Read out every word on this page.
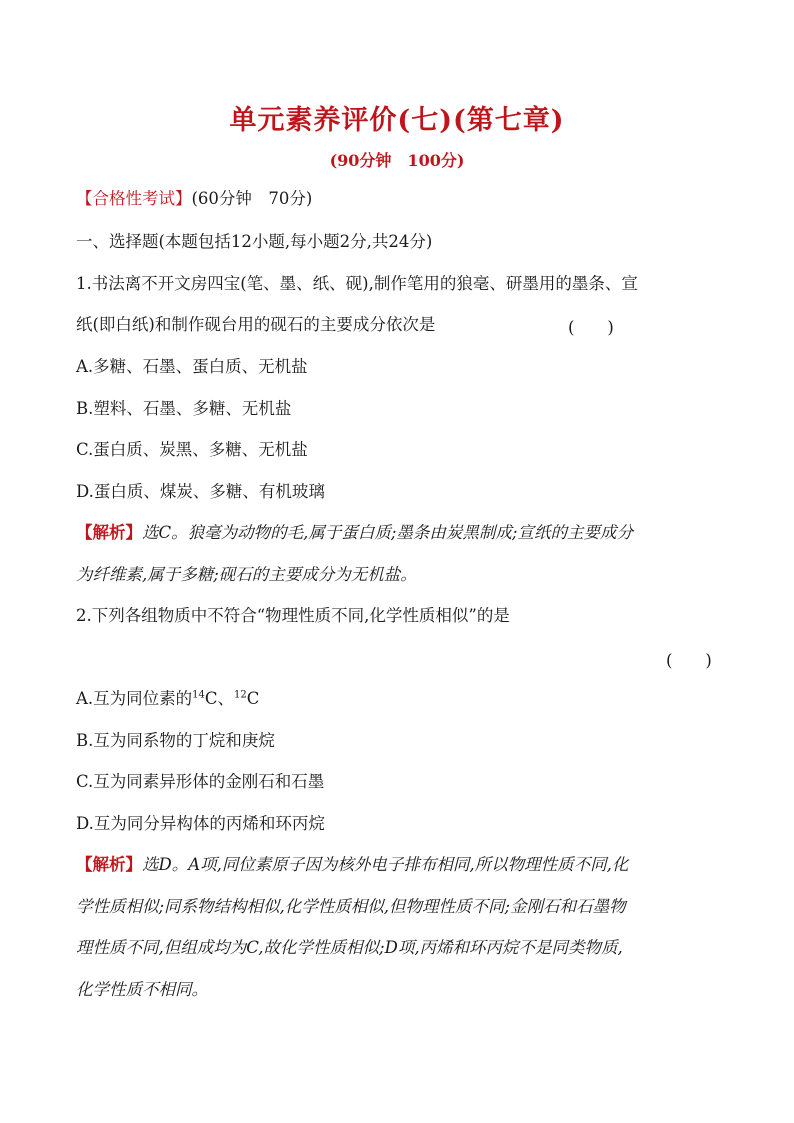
单元素养评价(七)(第七章)
(90分钟　100分)
【合格性考试】(60分钟　70分)
一、选择题(本题包括12小题,每小题2分,共24分)
1.书法离不开文房四宝(笔、墨、纸、砚),制作笔用的狼毫、研墨用的墨条、宣
纸(即白纸)和制作砚台用的砚石的主要成分依次是	(　　)
A.多糖、石墨、蛋白质、无机盐
B.塑料、石墨、多糖、无机盐
C.蛋白质、炭黑、多糖、无机盐
D.蛋白质、煤炭、多糖、有机玻璃
【解析】选C。狼毫为动物的毛,属于蛋白质;墨条由炭黑制成;宣纸的主要成分
为纤维素,属于多糖;砚石的主要成分为无机盐。
2.下列各组物质中不符合“物理性质不同,化学性质相似”的是
(　　)
A.互为同位素的$^{14}$C、$^{12}$C
B.互为同系物的丁烷和庚烷
C.互为同素异形体的金刚石和石墨
D.互为同分异构体的丙烯和环丙烷
【解析】选D。A项,同位素原子因为核外电子排布相同,所以物理性质不同,化
学性质相似;同系物结构相似,化学性质相似,但物理性质不同;金刚石和石墨物
理性质不同,但组成均为C,故化学性质相似;D项,丙烯和环丙烷不是同类物质,
化学性质不相同。
